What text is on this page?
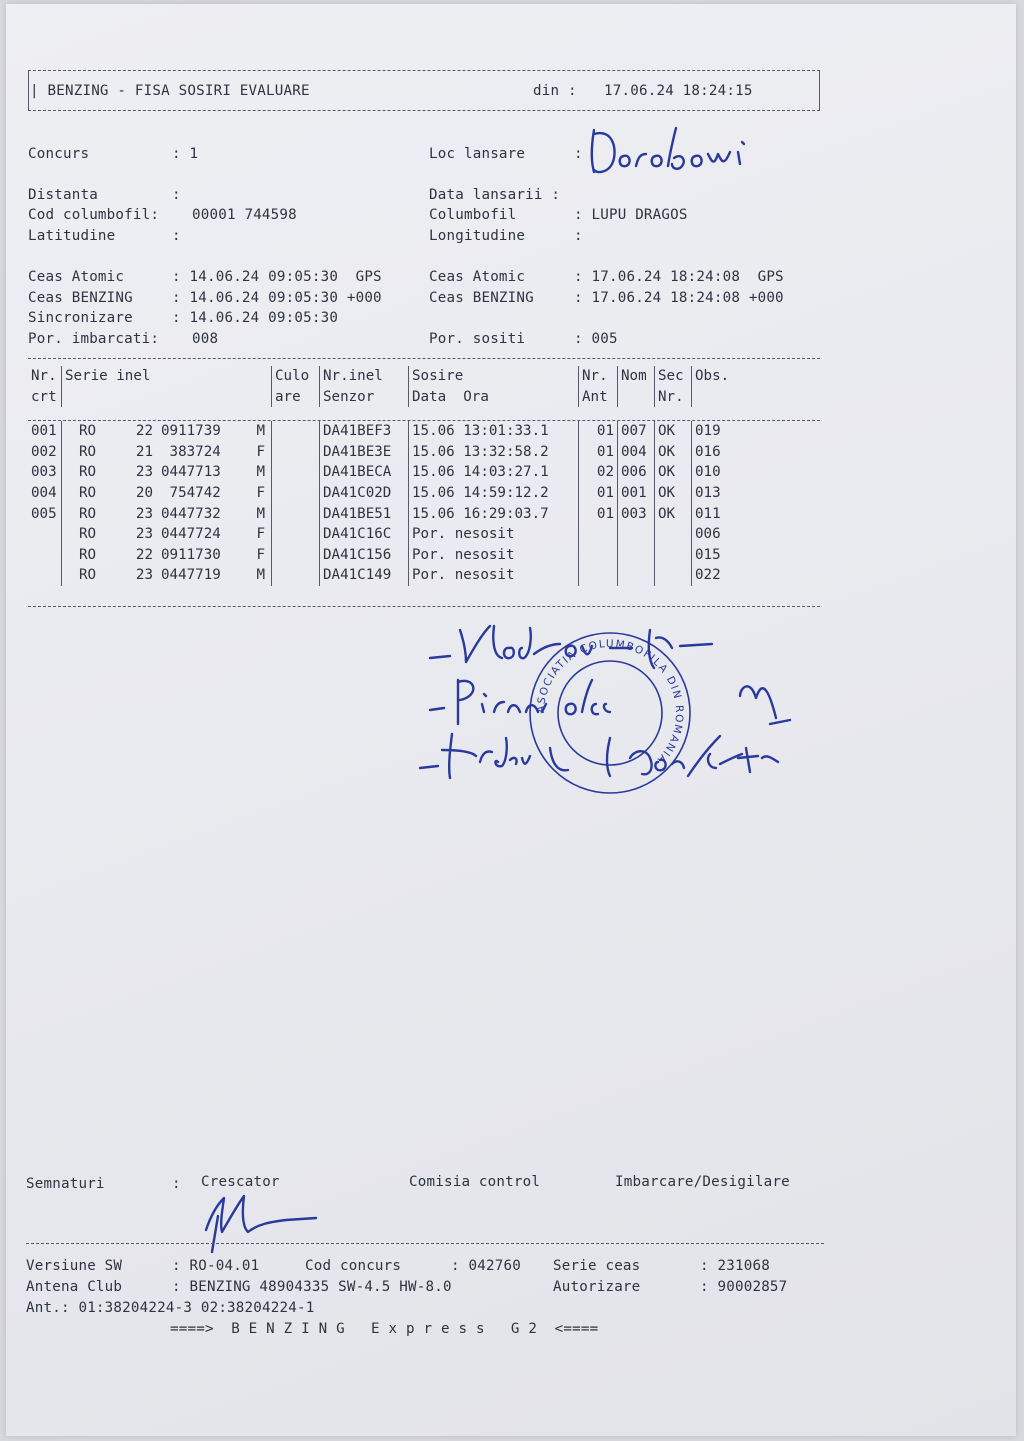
| BENZING - FISA SOSIRI EVALUARE	din : 17.06.24 18:24:15
Concurs	: 1	Loc lansare	:	Dorobovi
Distanta	:	Data lansarii :
Cod columbofil: 00001 744598	Columbofil	: LUPU DRAGOS
Latitudine	:	Longitudine	:
Ceas Atomic	: 14.06.24 09:05:30  GPS	Ceas Atomic	: 17.06.24 18:24:08  GPS
Ceas BENZING	: 14.06.24 09:05:30 +000	Ceas BENZING	: 17.06.24 18:24:08 +000
Sincronizare	: 14.06.24 09:05:30
Por. imbarcati: 008	Por. sositi	: 005
Nr.	Serie inel	Culo	Nr.inel	Sosire	Nr.	Nom	Sec	Obs.
crt		are	Senzor	Data  Ora	Ant		Nr.	

001	RO 22 0911739 M		DA41BEF3	15.06 13:01:33.1	01	007	OK	019
002	RO 21 383724 F		DA41BE3E	15.06 13:32:58.2	01	004	OK	016
003	RO 23 0447713 M		DA41BECA	15.06 14:03:27.1	02	006	OK	010
004	RO 20 754742 F		DA41C02D	15.06 14:59:12.2	01	001	OK	013
005	RO 23 0447732 M		DA41BE51	15.06 16:29:03.7	01	003	OK	011
	RO 23 0447724 F		DA41C16C	Por. nesosit				006
	RO 22 0911730 F		DA41C156	Por. nesosit				015
	RO 23 0447719 M		DA41C149	Por. nesosit				022
ASOCIATIA COLUMBOFILA DIN ROMANIA
Semnaturi	: Crescator	Comisia control	Imbarcare/Desigilare
Versiune SW	: RO-04.01	Cod concurs	: 042760 Serie ceas	: 231068
Antena Club	: BENZING 48904335 SW-4.5 HW-8.0	Autorizare	: 90002857
Ant.: 01:38204224-3 02:38204224-1
====>  B E N Z I N G   E x p r e s s   G 2  <====
